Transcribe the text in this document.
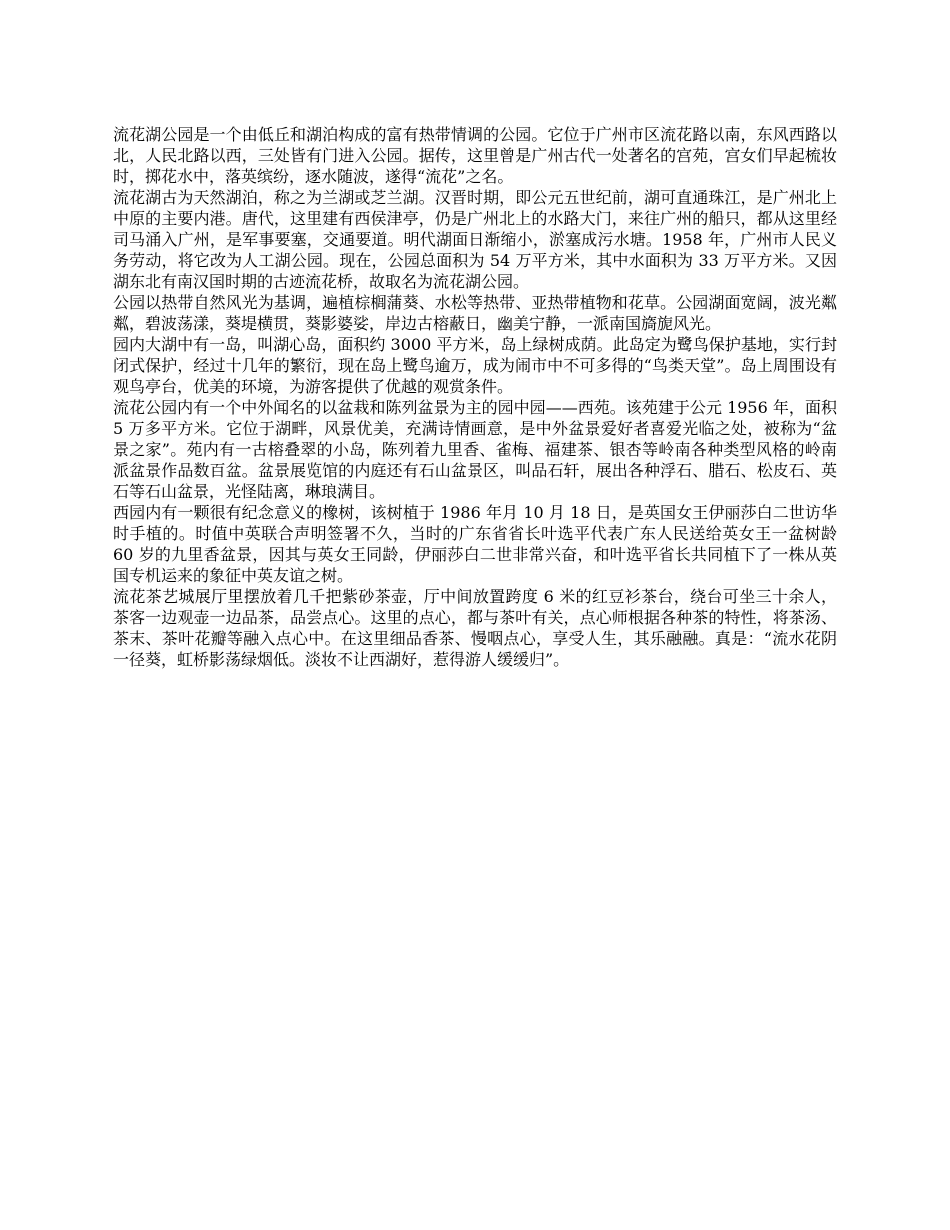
流花湖公园是一个由低丘和湖泊构成的富有热带情调的公园。它位于广州市区流花路以南，东风西路以北，人民北路以西，三处皆有门进入公园。据传，这里曾是广州古代一处著名的宫苑，宫女们早起梳妆时，掷花水中，落英缤纷，逐水随波，遂得“流花”之名。

流花湖古为天然湖泊，称之为兰湖或芝兰湖。汉晋时期，即公元五世纪前，湖可直通珠江，是广州北上中原的主要内港。唐代，这里建有西侯津亭，仍是广州北上的水路大门，来往广州的船只，都从这里经司马涌入广州，是军事要塞，交通要道。明代湖面日渐缩小，淤塞成污水塘。1958 年，广州市人民义务劳动，将它改为人工湖公园。现在，公园总面积为 54 万平方米，其中水面积为 33 万平方米。又因湖东北有南汉国时期的古迹流花桥，故取名为流花湖公园。

公园以热带自然风光为基调，遍植棕榈蒲葵、水松等热带、亚热带植物和花草。公园湖面宽阔，波光粼粼，碧波荡漾，葵堤横贯，葵影婆娑，岸边古榕蔽日，幽美宁静，一派南国旖旎风光。

园内大湖中有一岛，叫湖心岛，面积约 3000 平方米，岛上绿树成荫。此岛定为鹭鸟保护基地，实行封闭式保护，经过十几年的繁衍，现在岛上鹭鸟逾万，成为闹市中不可多得的“鸟类天堂”。岛上周围设有观鸟亭台，优美的环境，为游客提供了优越的观赏条件。

流花公园内有一个中外闻名的以盆栽和陈列盆景为主的园中园——西苑。该苑建于公元 1956 年，面积 5 万多平方米。它位于湖畔，风景优美，充满诗情画意，是中外盆景爱好者喜爱光临之处，被称为“盆景之家”。苑内有一古榕叠翠的小岛，陈列着九里香、雀梅、福建茶、银杏等岭南各种类型风格的岭南派盆景作品数百盆。盆景展览馆的内庭还有石山盆景区，叫品石轩，展出各种浮石、腊石、松皮石、英石等石山盆景，光怪陆离，琳琅满目。

西园内有一颗很有纪念意义的橡树，该树植于 1986 年月 10 月 18 日，是英国女王伊丽莎白二世访华时手植的。时值中英联合声明签署不久，当时的广东省省长叶选平代表广东人民送给英女王一盆树龄 60 岁的九里香盆景，因其与英女王同龄，伊丽莎白二世非常兴奋，和叶选平省长共同植下了一株从英国专机运来的象征中英友谊之树。

流花茶艺城展厅里摆放着几千把紫砂茶壶，厅中间放置跨度 6 米的红豆衫茶台，绕台可坐三十余人，茶客一边观壶一边品茶，品尝点心。这里的点心，都与茶叶有关，点心师根据各种茶的特性，将茶汤、茶末、茶叶花瓣等融入点心中。在这里细品香茶、慢咽点心，享受人生，其乐融融。真是：“流水花阴一径葵，虹桥影荡绿烟低。淡妆不让西湖好，惹得游人缓缓归”。
